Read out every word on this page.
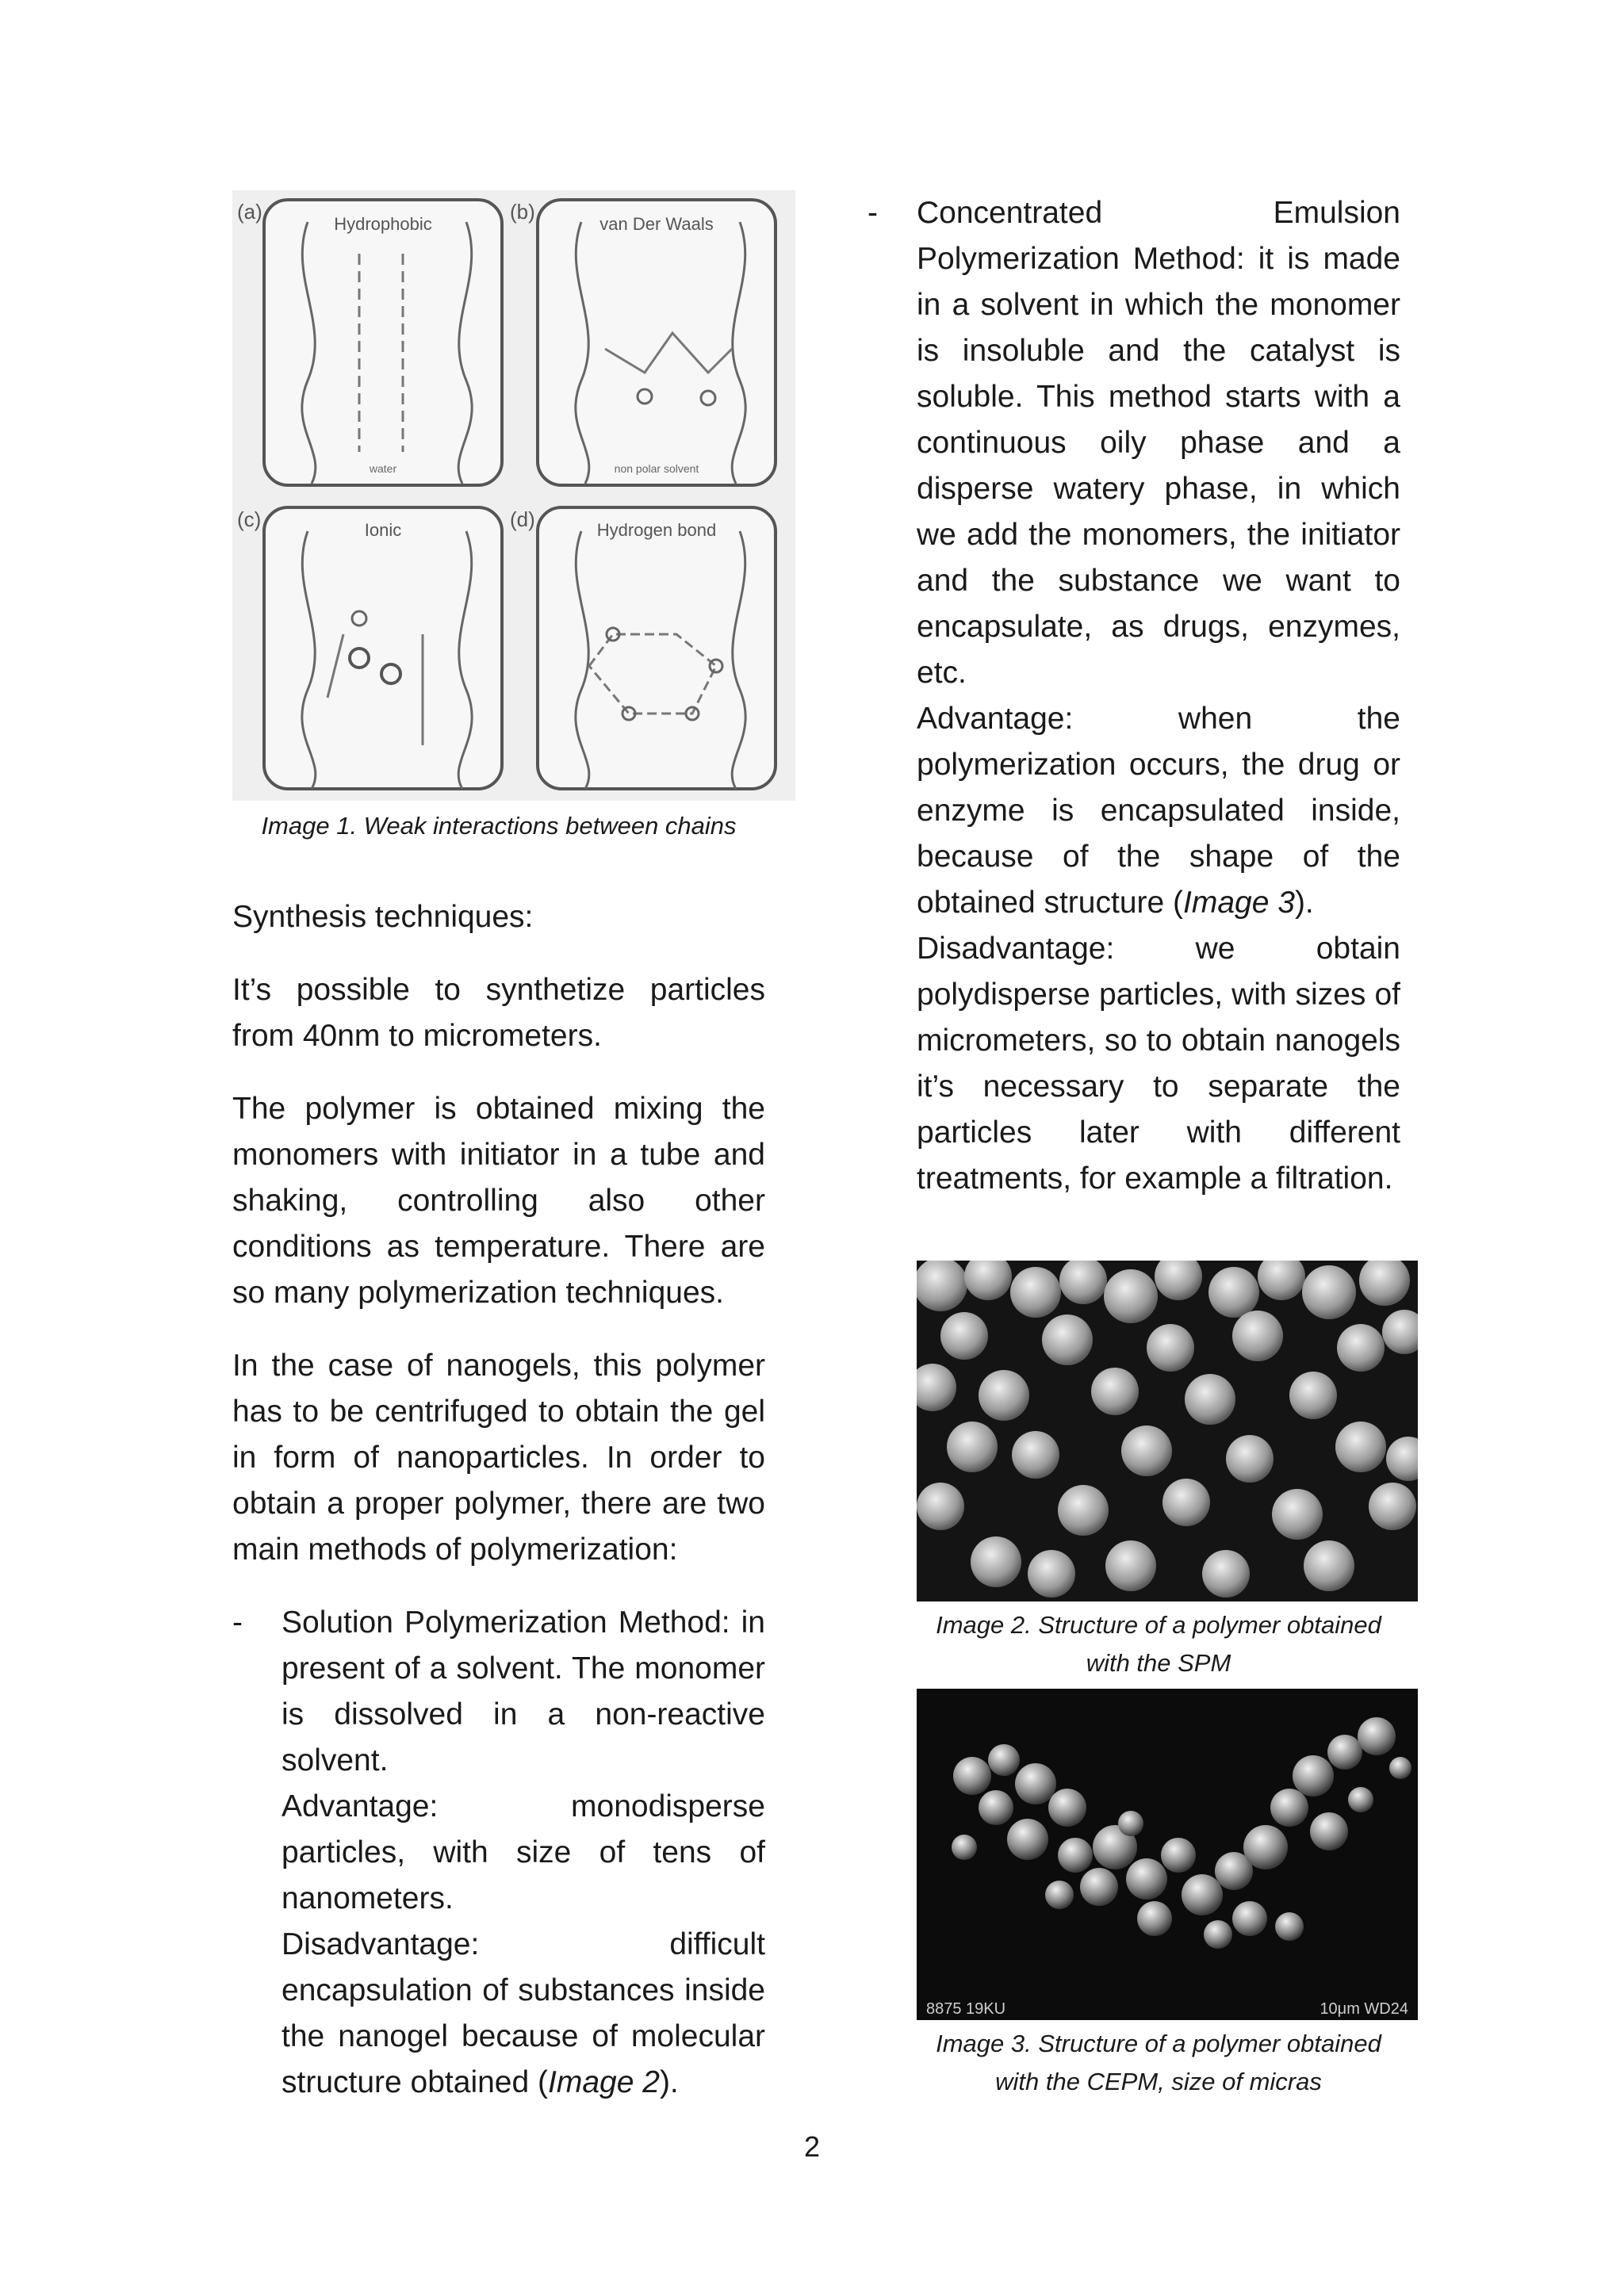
(a)
Hydrophobic
water
(b)
van Der Waals
non polar solvent
(c)	Ionic	(d)	Hydrogen bond

Image 1. Weak interactions between chains

Synthesis techniques:

It’s possible to synthetize particles from 40nm to micrometers.

The polymer is obtained mixing the monomers with initiator in a tube and shaking, controlling also other conditions as temperature. There are so many polymerization techniques.

In the case of nanogels, this polymer has to be centrifuged to obtain the gel in form of nanoparticles. In order to obtain a proper polymer, there are two main methods of polymerization:

- Solution Polymerization Method: in present of a solvent. The monomer is dissolved in a non-reactive solvent.

Advantage: monodisperse particles, with size of tens of nanometers.

Disadvantage:	difficult encapsulation of substances inside the nanogel because of molecular structure obtained (Image 2).

- Concentrated Emulsion Polymerization Method: it is made in a solvent in which the monomer is insoluble and the catalyst is soluble. This method starts with a continuous oily phase and a disperse watery phase, in which we add the monomers, the initiator and the substance we want to encapsulate, as drugs, enzymes, etc.

Advantage: when the polymerization occurs, the drug or enzyme is encapsulated inside, because of the shape of the obtained structure (Image 3).

Disadvantage: we obtain polydisperse particles, with sizes of micrometers, so to obtain nanogels it’s necessary to separate the particles later with different treatments, for example a filtration.

Image 2. Structure of a polymer obtained with the SPM

8875 19KU	10μm WD24

Image 3. Structure of a polymer obtained with the CEPM, size of micras

2
